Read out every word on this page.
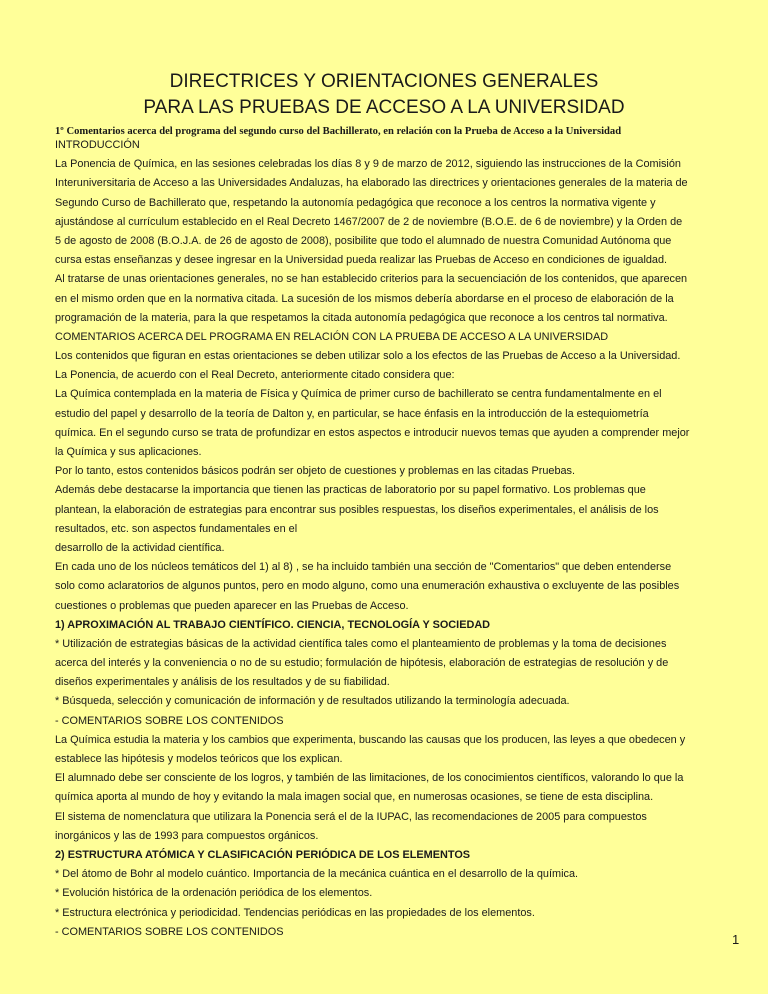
DIRECTRICES Y ORIENTACIONES GENERALES
PARA LAS PRUEBAS DE ACCESO A LA UNIVERSIDAD
1º Comentarios acerca del programa del segundo curso del Bachillerato, en relación con la Prueba de Acceso a la Universidad
INTRODUCCIÓN
La Ponencia de Química, en las sesiones celebradas los días 8 y 9 de marzo de 2012, siguiendo las instrucciones de la Comisión
Interuniversitaria de Acceso a las Universidades Andaluzas, ha elaborado las directrices y orientaciones generales de la materia de
Segundo Curso de Bachillerato que, respetando la autonomía pedagógica que reconoce a los centros la normativa vigente y
ajustándose al currículum establecido en el Real Decreto 1467/2007 de 2 de noviembre (B.O.E. de 6 de noviembre) y la Orden de
5 de agosto de 2008 (B.O.J.A. de 26 de agosto de 2008), posibilite que todo el alumnado de nuestra Comunidad Autónoma que
cursa estas enseñanzas y desee ingresar en la Universidad pueda realizar las Pruebas de Acceso en condiciones de igualdad.
Al tratarse de unas orientaciones generales, no se han establecido criterios para la secuenciación de los contenidos, que aparecen
en el mismo orden que en la normativa citada. La sucesión de los mismos debería abordarse en el proceso de elaboración de la
programación de la materia, para la que respetamos la citada autonomía pedagógica que reconoce a los centros tal normativa.
COMENTARIOS ACERCA DEL PROGRAMA EN RELACIÓN CON LA PRUEBA DE ACCESO A LA UNIVERSIDAD
Los contenidos que figuran en estas orientaciones se deben utilizar solo a los efectos de las Pruebas de Acceso a la Universidad.
La Ponencia, de acuerdo con el Real Decreto, anteriormente citado considera que:
La Química contemplada en la materia de Física y Química de primer curso de bachillerato se centra fundamentalmente en el
estudio del papel y desarrollo de la teoría de Dalton y, en particular, se hace énfasis en la introducción de la estequiometría
química. En el segundo curso se trata de profundizar en estos aspectos e introducir nuevos temas que ayuden a comprender mejor
la Química y sus aplicaciones.
Por lo tanto, estos contenidos básicos podrán ser objeto de cuestiones y problemas en las citadas Pruebas.
Además debe destacarse la importancia que tienen las practicas de laboratorio por su papel formativo. Los problemas que
plantean, la elaboración de estrategias para encontrar sus posibles respuestas, los diseños experimentales, el análisis de los
resultados, etc. son aspectos fundamentales en el
desarrollo de la actividad científica.
En cada uno de los núcleos temáticos del 1) al 8) , se ha incluido también una sección de "Comentarios" que deben entenderse
solo como aclaratorios de algunos puntos, pero en modo alguno, como una enumeración exhaustiva o excluyente de las posibles
cuestiones o problemas que pueden aparecer en las Pruebas de Acceso.
1) APROXIMACIÓN AL TRABAJO CIENTÍFICO. CIENCIA, TECNOLOGÍA Y SOCIEDAD
* Utilización de estrategias básicas de la actividad científica tales como el planteamiento de problemas y la toma de decisiones
acerca del interés y la conveniencia o no de su estudio; formulación de hipótesis, elaboración de estrategias de resolución y de
diseños experimentales y análisis de los resultados y de su fiabilidad.
* Búsqueda, selección y comunicación de información y de resultados utilizando la terminología adecuada.
- COMENTARIOS SOBRE LOS CONTENIDOS
La Química estudia la materia y los cambios que experimenta, buscando las causas que los producen, las leyes a que obedecen y
establece las hipótesis y modelos teóricos que los explican.
El alumnado debe ser consciente de los logros, y también de las limitaciones, de los conocimientos científicos, valorando lo que la
química aporta al mundo de hoy y evitando la mala imagen social que, en numerosas ocasiones, se tiene de esta disciplina.
El sistema de nomenclatura que utilizara la Ponencia será el de la IUPAC, las recomendaciones de 2005 para compuestos
inorgánicos y las de 1993 para compuestos orgánicos.
2) ESTRUCTURA ATÓMICA Y CLASIFICACIÓN PERIÓDICA DE LOS ELEMENTOS
* Del átomo de Bohr al modelo cuántico. Importancia de la mecánica cuántica en el desarrollo de la química.
* Evolución histórica de la ordenación periódica de los elementos.
* Estructura electrónica y periodicidad. Tendencias periódicas en las propiedades de los elementos.
- COMENTARIOS SOBRE LOS CONTENIDOS
1
